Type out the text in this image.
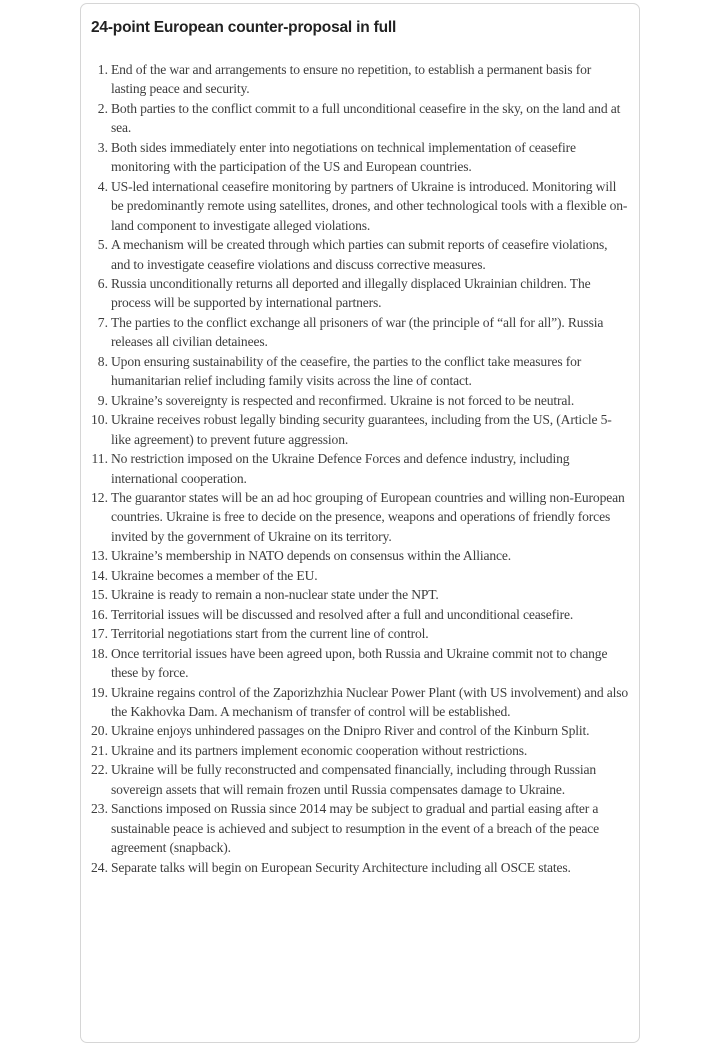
24-point European counter-proposal in full
1. End of the war and arrangements to ensure no repetition, to establish a permanent basis for lasting peace and security.
2. Both parties to the conflict commit to a full unconditional ceasefire in the sky, on the land and at sea.
3. Both sides immediately enter into negotiations on technical implementation of ceasefire monitoring with the participation of the US and European countries.
4. US-led international ceasefire monitoring by partners of Ukraine is introduced. Monitoring will be predominantly remote using satellites, drones, and other technological tools with a flexible on-land component to investigate alleged violations.
5. A mechanism will be created through which parties can submit reports of ceasefire violations, and to investigate ceasefire violations and discuss corrective measures.
6. Russia unconditionally returns all deported and illegally displaced Ukrainian children. The process will be supported by international partners.
7. The parties to the conflict exchange all prisoners of war (the principle of “all for all”). Russia releases all civilian detainees.
8. Upon ensuring sustainability of the ceasefire, the parties to the conflict take measures for humanitarian relief including family visits across the line of contact.
9. Ukraine’s sovereignty is respected and reconfirmed. Ukraine is not forced to be neutral.
10. Ukraine receives robust legally binding security guarantees, including from the US, (Article 5-like agreement) to prevent future aggression.
11. No restriction imposed on the Ukraine Defence Forces and defence industry, including international cooperation.
12. The guarantor states will be an ad hoc grouping of European countries and willing non-European countries. Ukraine is free to decide on the presence, weapons and operations of friendly forces invited by the government of Ukraine on its territory.
13. Ukraine’s membership in NATO depends on consensus within the Alliance.
14. Ukraine becomes a member of the EU.
15. Ukraine is ready to remain a non-nuclear state under the NPT.
16. Territorial issues will be discussed and resolved after a full and unconditional ceasefire.
17. Territorial negotiations start from the current line of control.
18. Once territorial issues have been agreed upon, both Russia and Ukraine commit not to change these by force.
19. Ukraine regains control of the Zaporizhzhia Nuclear Power Plant (with US involvement) and also the Kakhovka Dam. A mechanism of transfer of control will be established.
20. Ukraine enjoys unhindered passages on the Dnipro River and control of the Kinburn Split.
21. Ukraine and its partners implement economic cooperation without restrictions.
22. Ukraine will be fully reconstructed and compensated financially, including through Russian sovereign assets that will remain frozen until Russia compensates damage to Ukraine.
23. Sanctions imposed on Russia since 2014 may be subject to gradual and partial easing after a sustainable peace is achieved and subject to resumption in the event of a breach of the peace agreement (snapback).
24. Separate talks will begin on European Security Architecture including all OSCE states.
